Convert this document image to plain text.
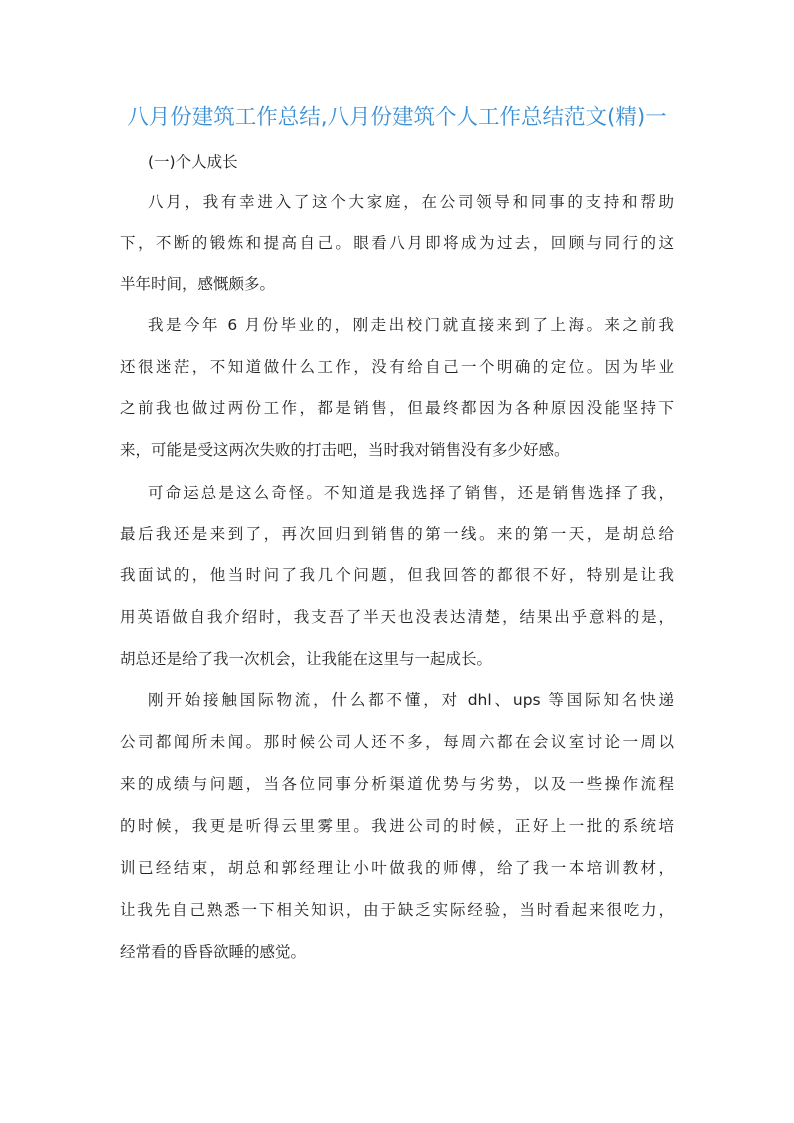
八月份建筑工作总结,八月份建筑个人工作总结范文(精)一
(一)个人成长
八月，我有幸进入了这个大家庭，在公司领导和同事的支持和帮助
下，不断的锻炼和提高自己。眼看八月即将成为过去，回顾与同行的这
半年时间，感慨颇多。
我是今年 6 月份毕业的，刚走出校门就直接来到了上海。来之前我
还很迷茫，不知道做什么工作，没有给自己一个明确的定位。因为毕业
之前我也做过两份工作，都是销售，但最终都因为各种原因没能坚持下
来，可能是受这两次失败的打击吧，当时我对销售没有多少好感。
可命运总是这么奇怪。不知道是我选择了销售，还是销售选择了我，
最后我还是来到了，再次回归到销售的第一线。来的第一天，是胡总给
我面试的，他当时问了我几个问题，但我回答的都很不好，特别是让我
用英语做自我介绍时，我支吾了半天也没表达清楚，结果出乎意料的是，
胡总还是给了我一次机会，让我能在这里与一起成长。
刚开始接触国际物流，什么都不懂，对 dhl、ups 等国际知名快递
公司都闻所未闻。那时候公司人还不多，每周六都在会议室讨论一周以
来的成绩与问题，当各位同事分析渠道优势与劣势，以及一些操作流程
的时候，我更是听得云里雾里。我进公司的时候，正好上一批的系统培
训已经结束，胡总和郭经理让小叶做我的师傅，给了我一本培训教材，
让我先自己熟悉一下相关知识，由于缺乏实际经验，当时看起来很吃力，
经常看的昏昏欲睡的感觉。
